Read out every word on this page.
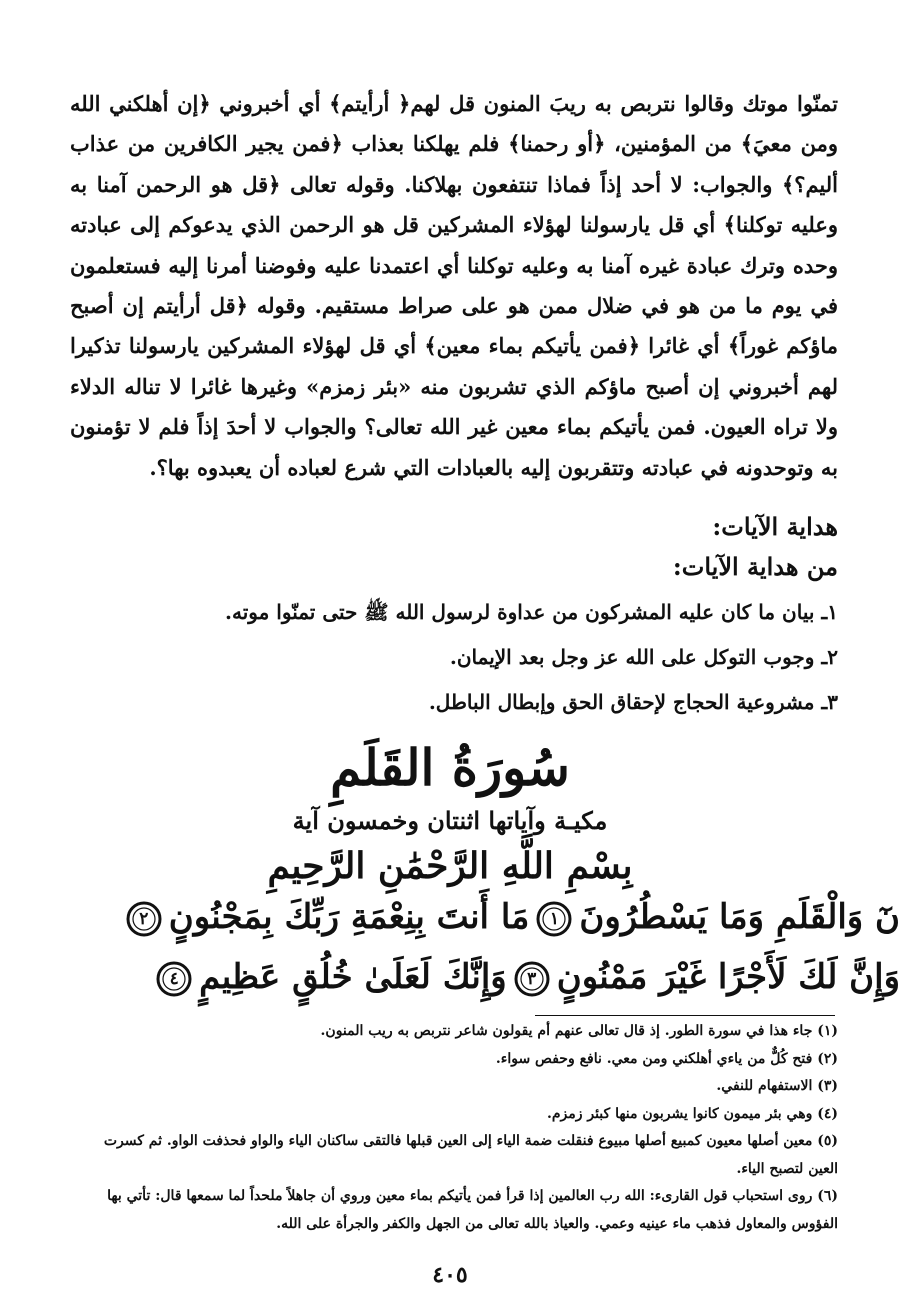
تمنّوا موتك وقالوا نتربص به ريبَ المنون قل لهم﴿ أرأيتم﴾ أي أخبروني ﴿إن أهلكني الله ومن معيَ﴾ من المؤمنين، ﴿أو رحمنا﴾ فلم يهلكنا بعذاب ﴿فمن يجير الكافرين من عذاب أليم؟﴾ والجواب: لا أحد إذاً فماذا تنتفعون بهلاكنا. وقوله تعالى ﴿قل هو الرحمن آمنا به وعليه توكلنا﴾ أي قل يارسولنا لهؤلاء المشركين قل هو الرحمن الذي يدعوكم إلى عبادته وحده وترك عبادة غيره آمنا به وعليه توكلنا أي اعتمدنا عليه وفوضنا أمرنا إليه فستعلمون في يوم ما من هو في ضلال ممن هو على صراط مستقيم. وقوله ﴿قل أرأيتم إن أصبح ماؤكم غوراً﴾ أي غائرا ﴿فمن يأتيكم بماء معين﴾ أي قل لهؤلاء المشركين يارسولنا تذكيرا لهم أخبروني إن أصبح ماؤكم الذي تشربون منه «بئر زمزم» وغيرها غائرا لا تناله الدلاء ولا تراه العيون. فمن يأتيكم بماء معين غير الله تعالى؟ والجواب لا أحدَ إذاً فلم لا تؤمنون به وتوحدونه في عبادته وتتقربون إليه بالعبادات التي شرع لعباده أن يعبدوه بها؟.
هداية الآيات:
من هداية الآيات:
١ـ بيان ما كان عليه المشركون من عداوة لرسول الله ﷺ حتى تمنّوا موته.
٢ـ وجوب التوكل على الله عز وجل بعد الإيمان.
٣ـ مشروعية الحجاج لإحقاق الحق وإبطال الباطل.
سُورَةُ القَلَمِ
مكيـة وآياتها اثنتان وخمسون آية
بِسْمِ اللَّهِ الرَّحْمَٰنِ الرَّحِيمِ
نٓ وَالْقَلَمِ وَمَا يَسْطُرُونَ
١
مَا أَنتَ بِنِعْمَةِ رَبِّكَ بِمَجْنُونٍ
٢
وَإِنَّ لَكَ لَأَجْرًا غَيْرَ مَمْنُونٍ
٣
وَإِنَّكَ لَعَلَىٰ خُلُقٍ عَظِيمٍ
٤
(١) جاء هذا في سورة الطور. إذ قال تعالى عنهم أم يقولون شاعر نتربص به ريب المنون.
(٢) فتح كُلٌّ من ياءي أهلكني ومن معي. نافع وحفص سواء.
(٣) الاستفهام للنفي.
(٤) وهي بئر ميمون كانوا يشربون منها كبئر زمزم.
(٥) معين أصلها معيون كمبيع أصلها مبيوع فنقلت ضمة الياء إلى العين قبلها فالتقى ساكنان الياء والواو فحذفت الواو. ثم كسرت العين لتصبح الياء.
(٦) روى استحباب قول القارىء: الله رب العالمين إذا قرأ فمن يأتيكم بماء معين وروي أن جاهلاً ملحداً لما سمعها قال: تأتي بها الفؤوس والمعاول فذهب ماء عينيه وعمي. والعياذ بالله تعالى من الجهل والكفر والجرأة على الله.
٤٠٥
